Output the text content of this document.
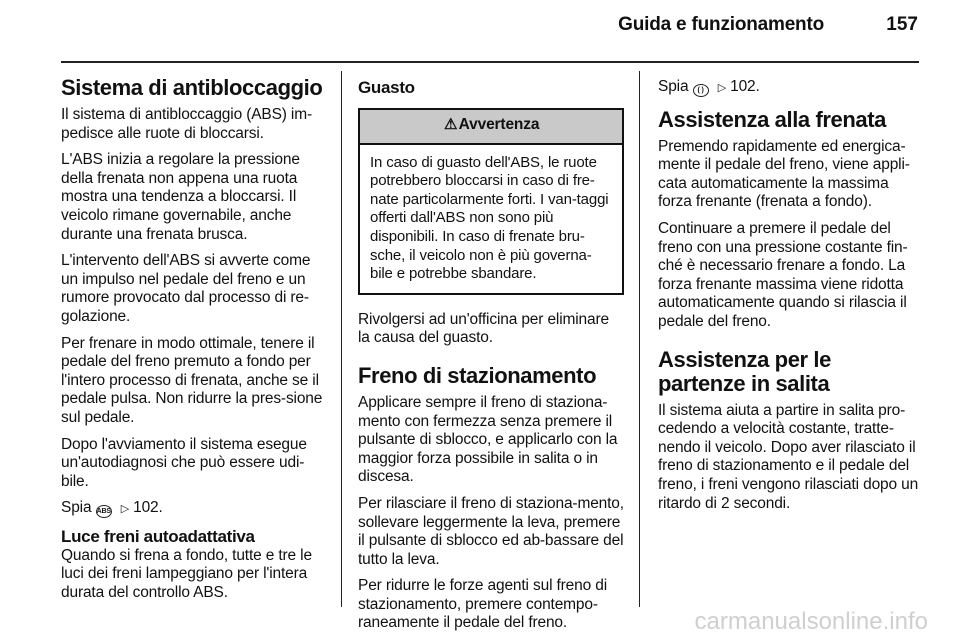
Guida e funzionamento	157
Sistema di antibloccaggio

Il sistema di antibloccaggio (ABS) im-pedisce alle ruote di bloccarsi.

L'ABS inizia a regolare la pressione della frenata non appena una ruota mostra una tendenza a bloccarsi. Il veicolo rimane governabile, anche durante una frenata brusca.

L'intervento dell'ABS si avverte come un impulso nel pedale del freno e un rumore provocato dal processo di re-golazione.

Per frenare in modo ottimale, tenere il pedale del freno premuto a fondo per l'intero processo di frenata, anche se il pedale pulsa. Non ridurre la pres-sione sul pedale.

Dopo l'avviamento il sistema esegue un'autodiagnosi che può essere udi-bile.

Spia ABS ▷ 102.

Luce freni autoadattativa

Quando si frena a fondo, tutte e tre le luci dei freni lampeggiano per l'intera durata del controllo ABS.

Guasto
⚠Avvertenza
In caso di guasto dell'ABS, le ruote potrebbero bloccarsi in caso di fre-nate particolarmente forti. I van-taggi offerti dall'ABS non sono più disponibili. In caso di frenate bru-sche, il veicolo non è più governa-bile e potrebbe sbandare.

Rivolgersi ad un'officina per eliminare la causa del guasto.

Freno di stazionamento

Applicare sempre il freno di staziona-mento con fermezza senza premere il pulsante di sblocco, e applicarlo con la maggior forza possibile in salita o in discesa.

Per rilasciare il freno di staziona-mento, sollevare leggermente la leva, premere il pulsante di sblocco ed ab-bassare del tutto la leva.

Per ridurre le forze agenti sul freno di stazionamento, premere contempo-raneamente il pedale del freno.

Spia ( ) ▷ 102.

Assistenza alla frenata

Premendo rapidamente ed energica-mente il pedale del freno, viene appli-cata automaticamente la massima forza frenante (frenata a fondo).

Continuare a premere il pedale del freno con una pressione costante fin-ché è necessario frenare a fondo. La forza frenante massima viene ridotta automaticamente quando si rilascia il pedale del freno.

Assistenza per le partenze in salita

Il sistema aiuta a partire in salita pro-cedendo a velocità costante, tratte-nendo il veicolo. Dopo aver rilasciato il freno di stazionamento e il pedale del freno, i freni vengono rilasciati dopo un ritardo di 2 secondi.

carmanualsonline.info
